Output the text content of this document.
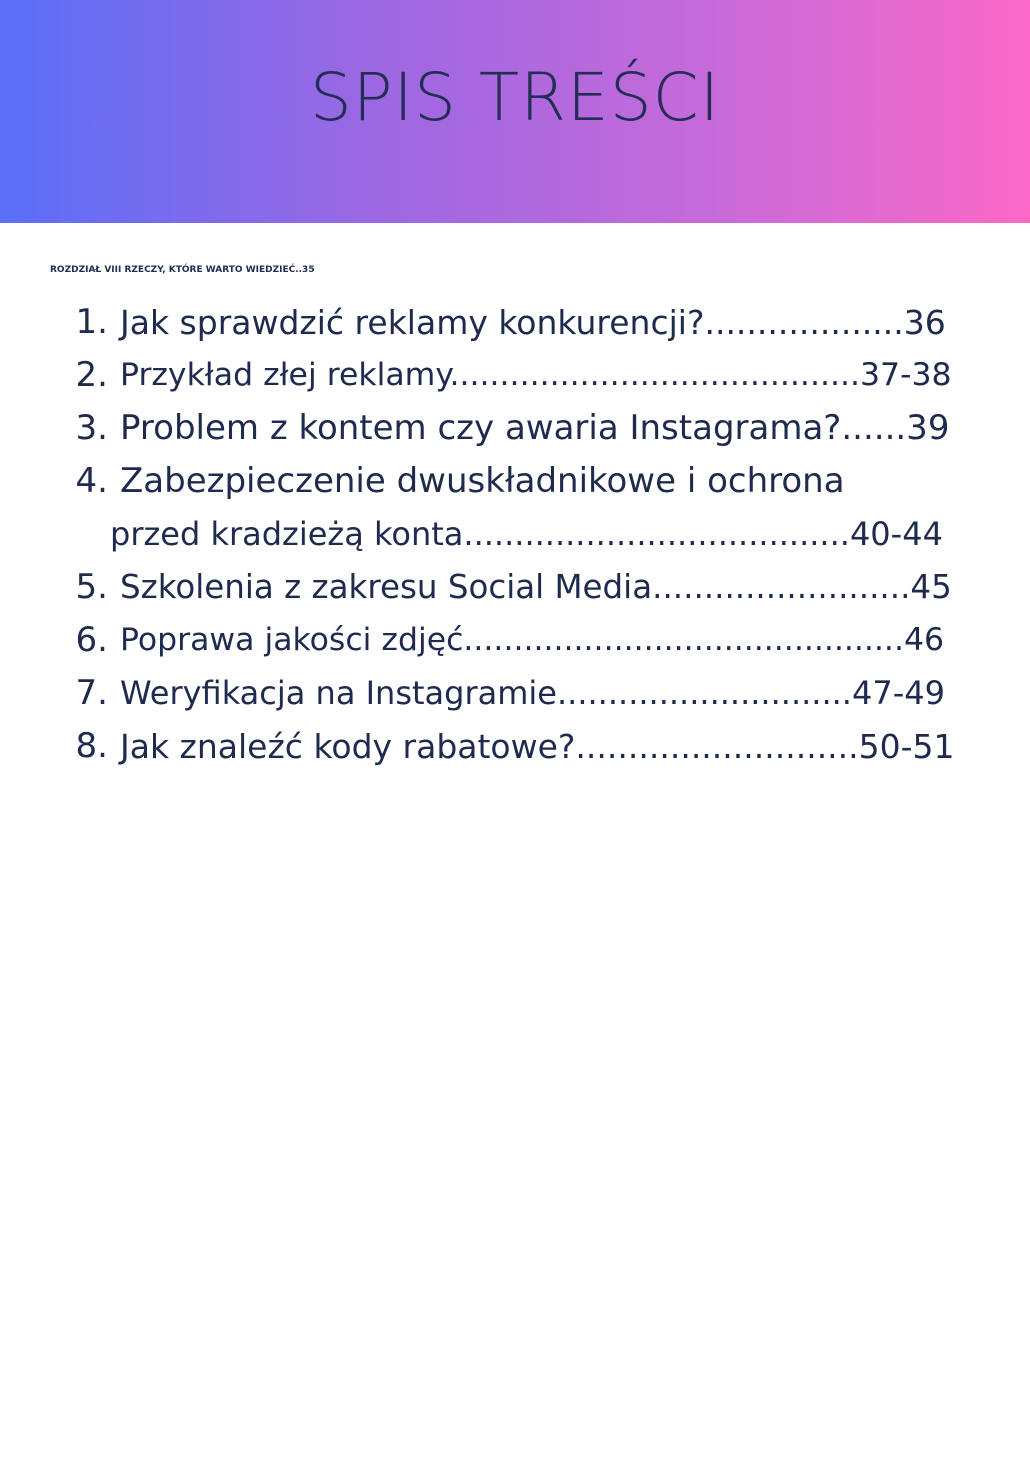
SPIS TREŚCI
ROZDZIAŁ VIII RZECZY, KTÓRE WARTO WIEDZIEĆ..35
1. Jak sprawdzić reklamy konkurencji?...................36
2. Przykład złej reklamy.........................................37-38
3. Problem z kontem czy awaria Instagrama?......39
4. Zabezpieczenie dwuskładnikowe i ochrona
przed kradzieżą konta......................................40-44
5. Szkolenia z zakresu Social Media.........................45
6. Poprawa jakości zdjęć............................................46
7. Weryfikacja na Instagramie.............................47-49
8. Jak znaleźć kody rabatowe?...........................50-51
